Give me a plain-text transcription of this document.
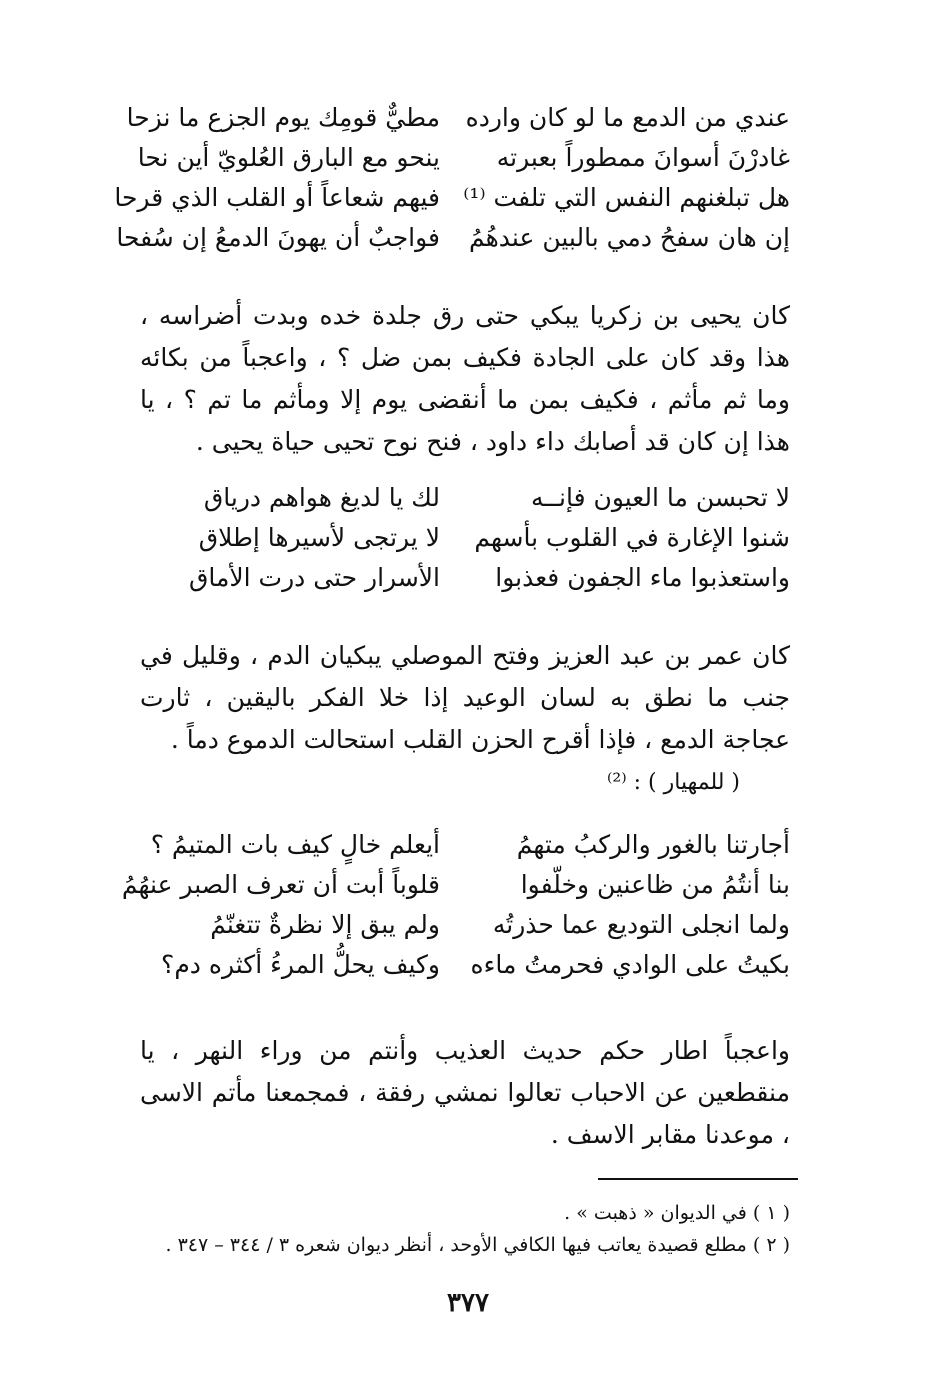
عندي من الدمع ما لو كان وارده
مطيٌّ قومِك يوم الجزع ما نزحا
غادرْنَ أسوانَ ممطوراً بعبرته
ينحو مع البارق العُلويّ أين نحا
هل تبلغنهم النفس التي تلفت ⁽¹⁾
فيهم شعاعاً أو القلب الذي قرحا
إن هان سفحُ دمي بالبين عندهُمُ
فواجبٌ أن يهونَ الدمعُ إن سُفحا

كان يحيى بن زكريا يبكي حتى رق جلدة خده وبدت أضراسه ، هذا وقد كان على الجادة فكيف بمن ضل ؟ ، واعجباً من بكائه وما ثم مأثم ، فكيف بمن ما أنقضى يوم إلا ومأثم ما تم ؟ ، يا هذا إن كان قد أصابك داء داود ، فنح نوح تحيى حياة يحيى .

لا تحبسن ما العيون فإنــه
لك يا لديغ هواهم درياق
شنوا الإغارة في القلوب بأسهم
لا يرتجى لأسيرها إطلاق
واستعذبوا ماء الجفون فعذبوا
الأسرار حتى درت الأماق

كان عمر بن عبد العزيز وفتح الموصلي يبكيان الدم ، وقليل في جنب ما نطق به لسان الوعيد إذا خلا الفكر باليقين ، ثارت عجاجة الدمع ، فإذا أقرح الحزن القلب استحالت الدموع دماً .

( للمهيار ) : ⁽²⁾
أجارتنا بالغور والركبُ متهمُ
أيعلم خالٍ كيف بات المتيمُ ؟
بنا أنتُمُ من ظاعنين وخلّفوا
قلوباً أبت أن تعرف الصبر عنهُمُ
ولما انجلى التوديع عما حذرتُه
ولم يبق إلا نظرةٌ تتغنّمُ
بكيتُ على الوادي فحرمتُ ماءه
وكيف يحلُّ المرءُ أكثره دم؟

واعجباً اطار حكم حديث العذيب وأنتم من وراء النهر ، يا منقطعين عن الاحباب تعالوا نمشي رفقة ، فمجمعنا مأتم الاسى ، موعدنا مقابر الاسف .

( ١ ) في الديوان « ذهبت » .
( ٢ ) مطلع قصيدة يعاتب فيها الكافي الأوحد ، أنظر ديوان شعره ٣ / ٣٤٤ – ٣٤٧ .
٣٧٧
